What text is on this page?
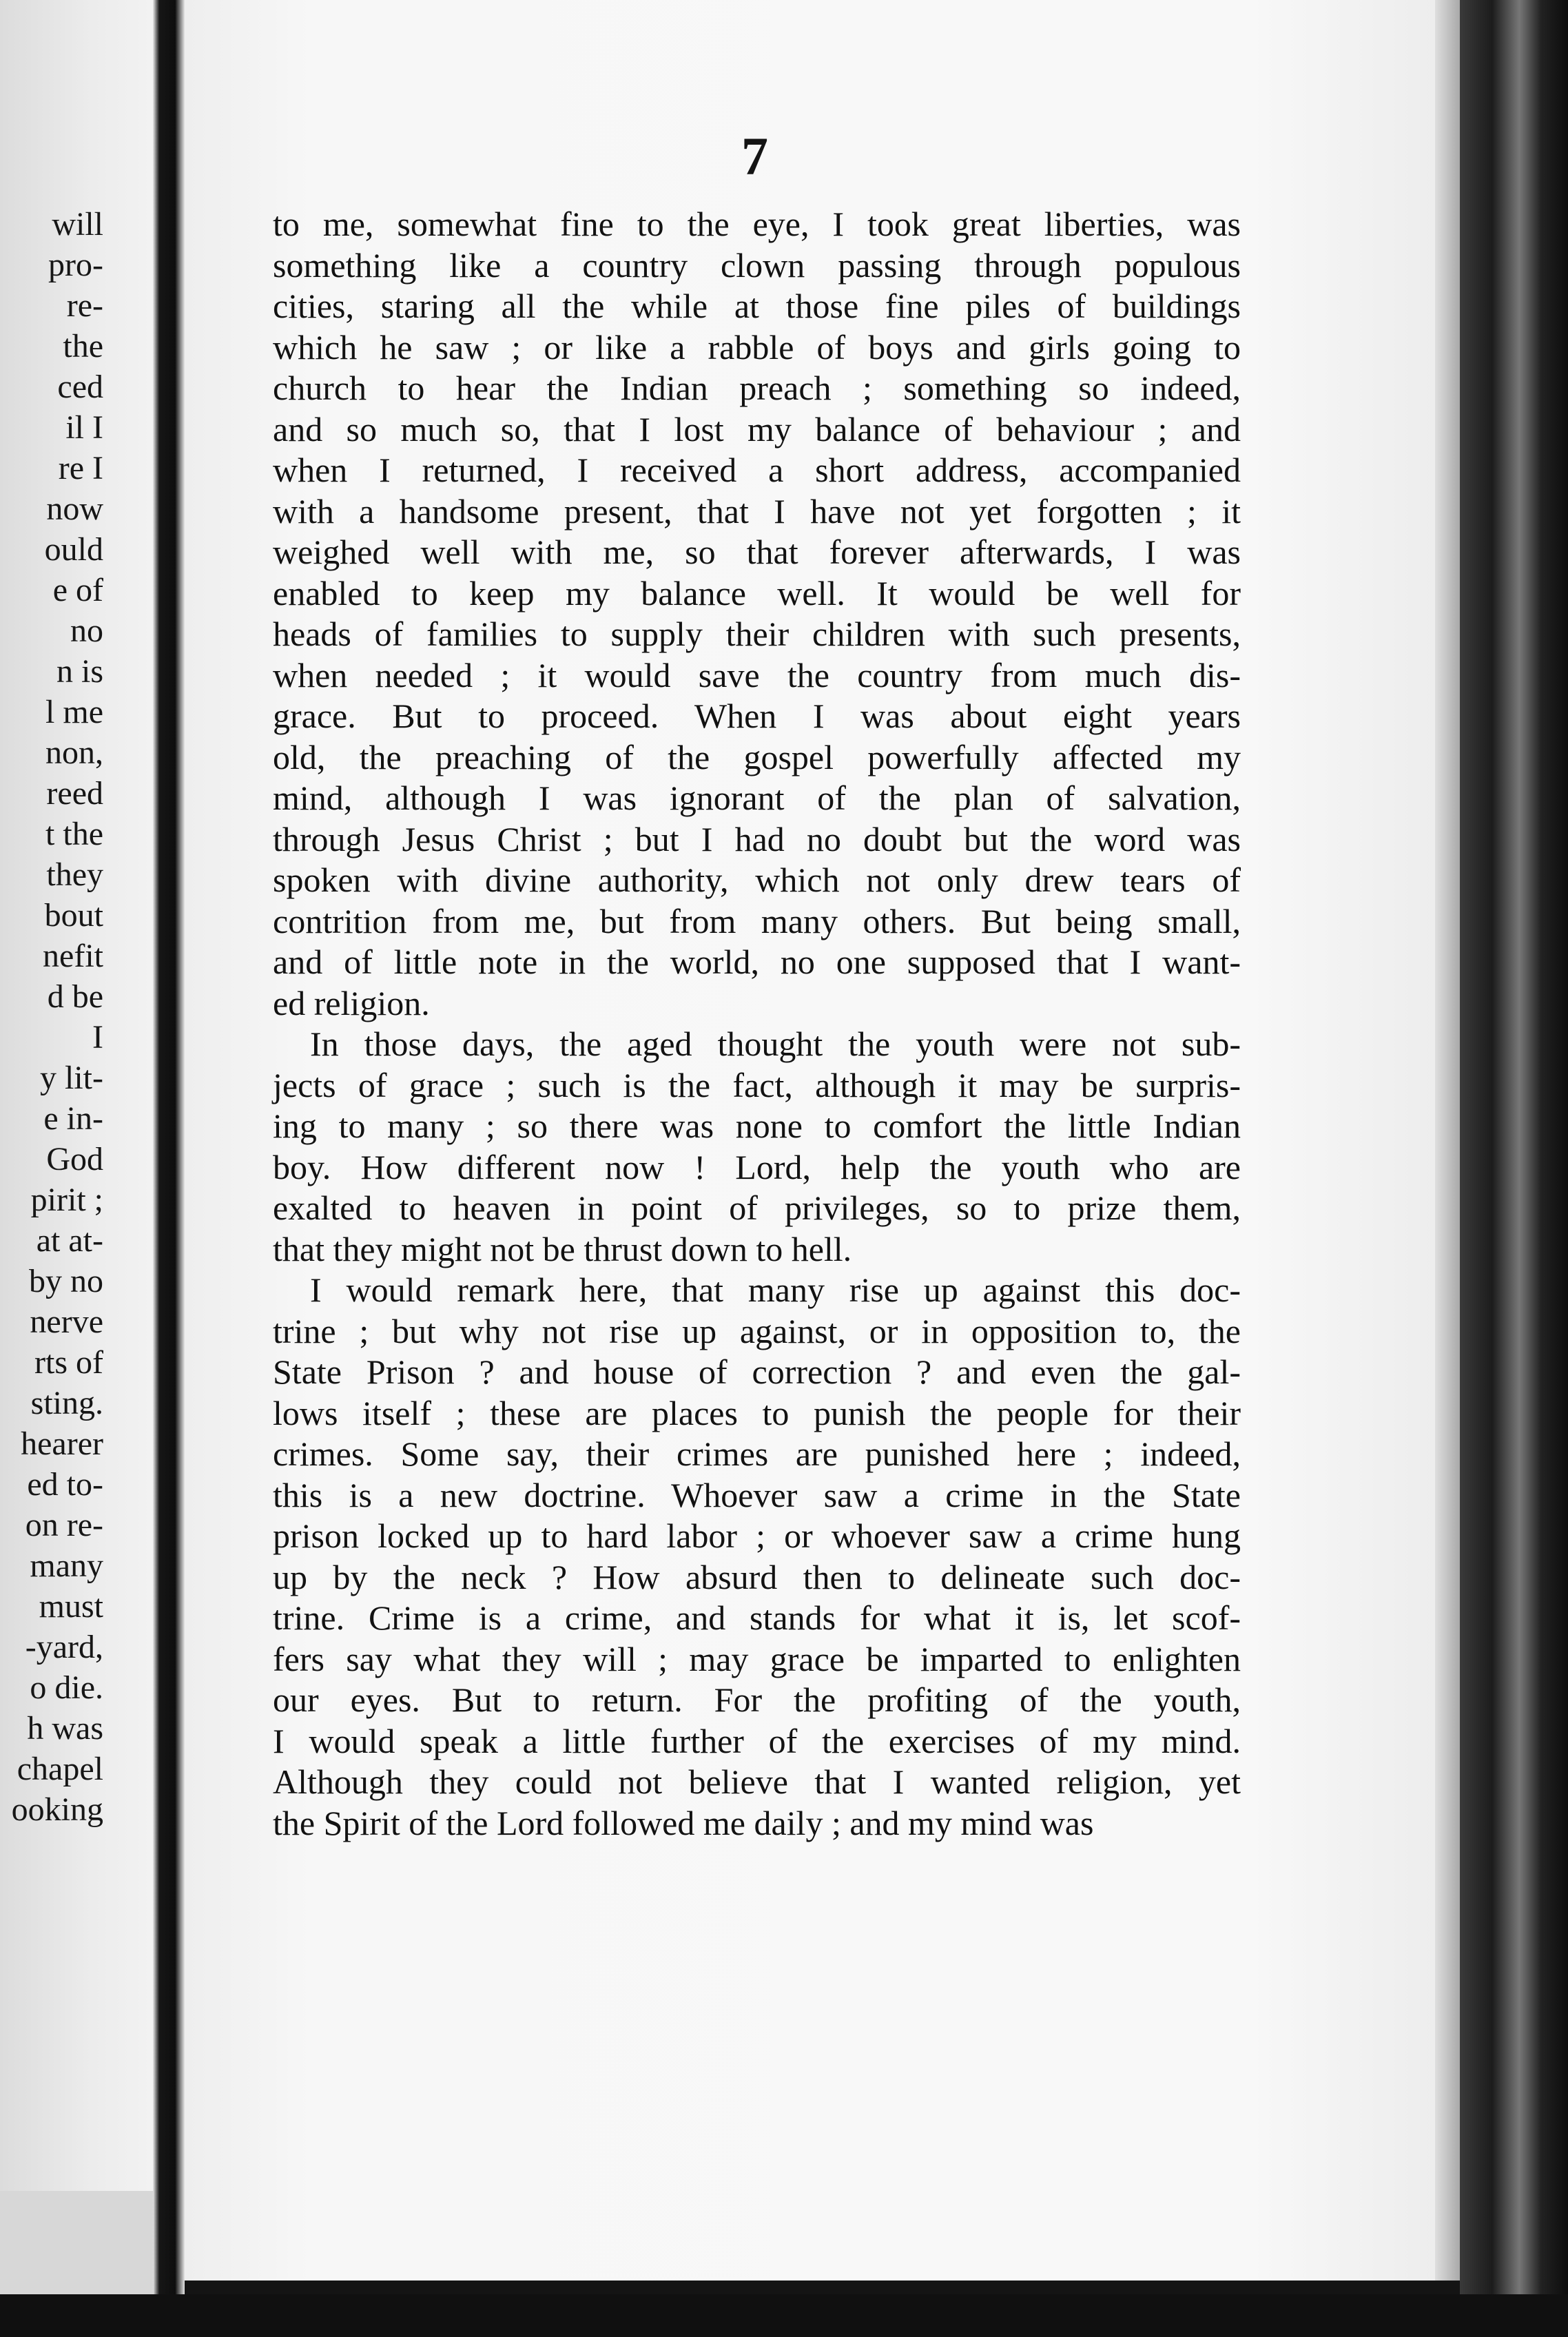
will
pro-
re-
the
ced
il I
re I
now
ould
e of
no
n is
l me
non,
reed
t the
they
bout
nefit
d be
I
y lit-
e in-
God
pirit ;
at at-
by no
nerve
rts of
sting.
hearer
ed to-
on re-
many
must
-yard,
o die.
h was
chapel
ooking
7
to me, somewhat fine to the eye, I took great liberties, was
something like a country clown passing through populous
cities, staring all the while at those fine piles of buildings
which he saw ; or like a rabble of boys and girls going to
church to hear the Indian preach ; something so indeed,
and so much so, that I lost my balance of behaviour ; and
when I returned, I received a short address, accompanied
with a handsome present, that I have not yet forgotten ; it
weighed well with me, so that forever afterwards, I was
enabled to keep my balance well. It would be well for
heads of families to supply their children with such presents,
when needed ; it would save the country from much dis-
grace. But to proceed. When I was about eight years
old, the preaching of the gospel powerfully affected my
mind, although I was ignorant of the plan of salvation,
through Jesus Christ ; but I had no doubt but the word was
spoken with divine authority, which not only drew tears of
contrition from me, but from many others. But being small,
and of little note in the world, no one supposed that I want-
ed religion.
In those days, the aged thought the youth were not sub-
jects of grace ; such is the fact, although it may be surpris-
ing to many ; so there was none to comfort the little Indian
boy. How different now ! Lord, help the youth who are
exalted to heaven in point of privileges, so to prize them,
that they might not be thrust down to hell.
I would remark here, that many rise up against this doc-
trine ; but why not rise up against, or in opposition to, the
State Prison ? and house of correction ? and even the gal-
lows itself ; these are places to punish the people for their
crimes. Some say, their crimes are punished here ; indeed,
this is a new doctrine. Whoever saw a crime in the State
prison locked up to hard labor ; or whoever saw a crime hung
up by the neck ? How absurd then to delineate such doc-
trine. Crime is a crime, and stands for what it is, let scof-
fers say what they will ; may grace be imparted to enlighten
our eyes. But to return. For the profiting of the youth,
I would speak a little further of the exercises of my mind.
Although they could not believe that I wanted religion, yet
the Spirit of the Lord followed me daily ; and my mind was
